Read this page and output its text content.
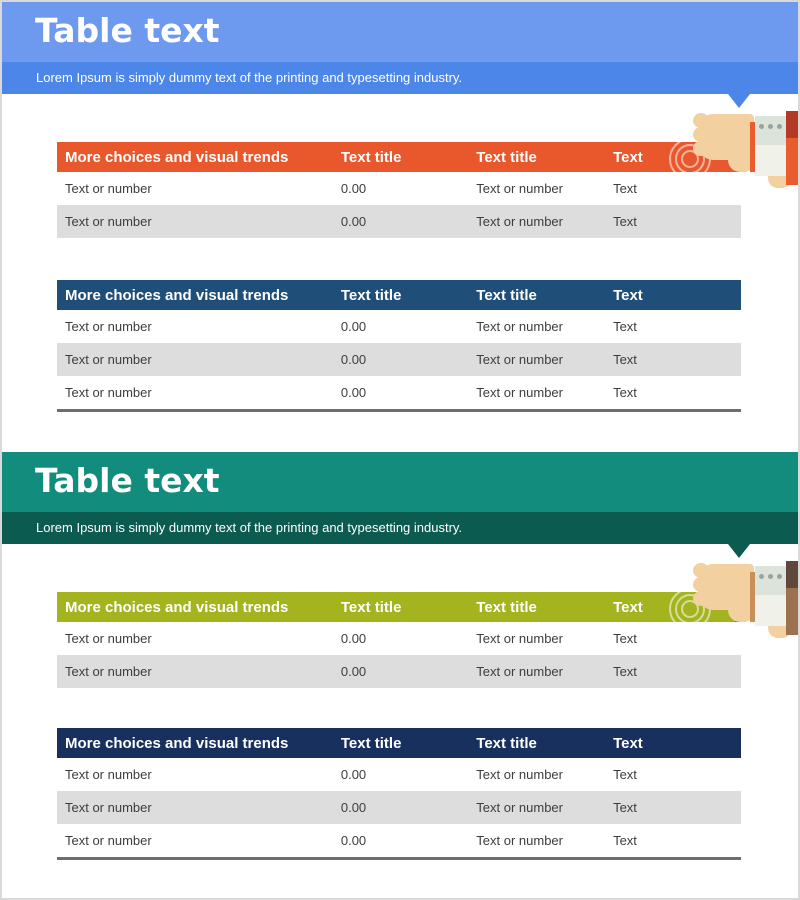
Table text
Lorem Ipsum is simply dummy text of the printing and typesetting industry.
More choices and visual trends	Text title	Text title	Text
Text or number	0.00	Text or number	Text
Text or number	0.00	Text or number	Text
More choices and visual trends	Text title	Text title	Text
Text or number	0.00	Text or number	Text
Text or number	0.00	Text or number	Text
Text or number	0.00	Text or number	Text
Table text
Lorem Ipsum is simply dummy text of the printing and typesetting industry.
More choices and visual trends	Text title	Text title	Text
Text or number	0.00	Text or number	Text
Text or number	0.00	Text or number	Text
More choices and visual trends	Text title	Text title	Text
Text or number	0.00	Text or number	Text
Text or number	0.00	Text or number	Text
Text or number	0.00	Text or number	Text
